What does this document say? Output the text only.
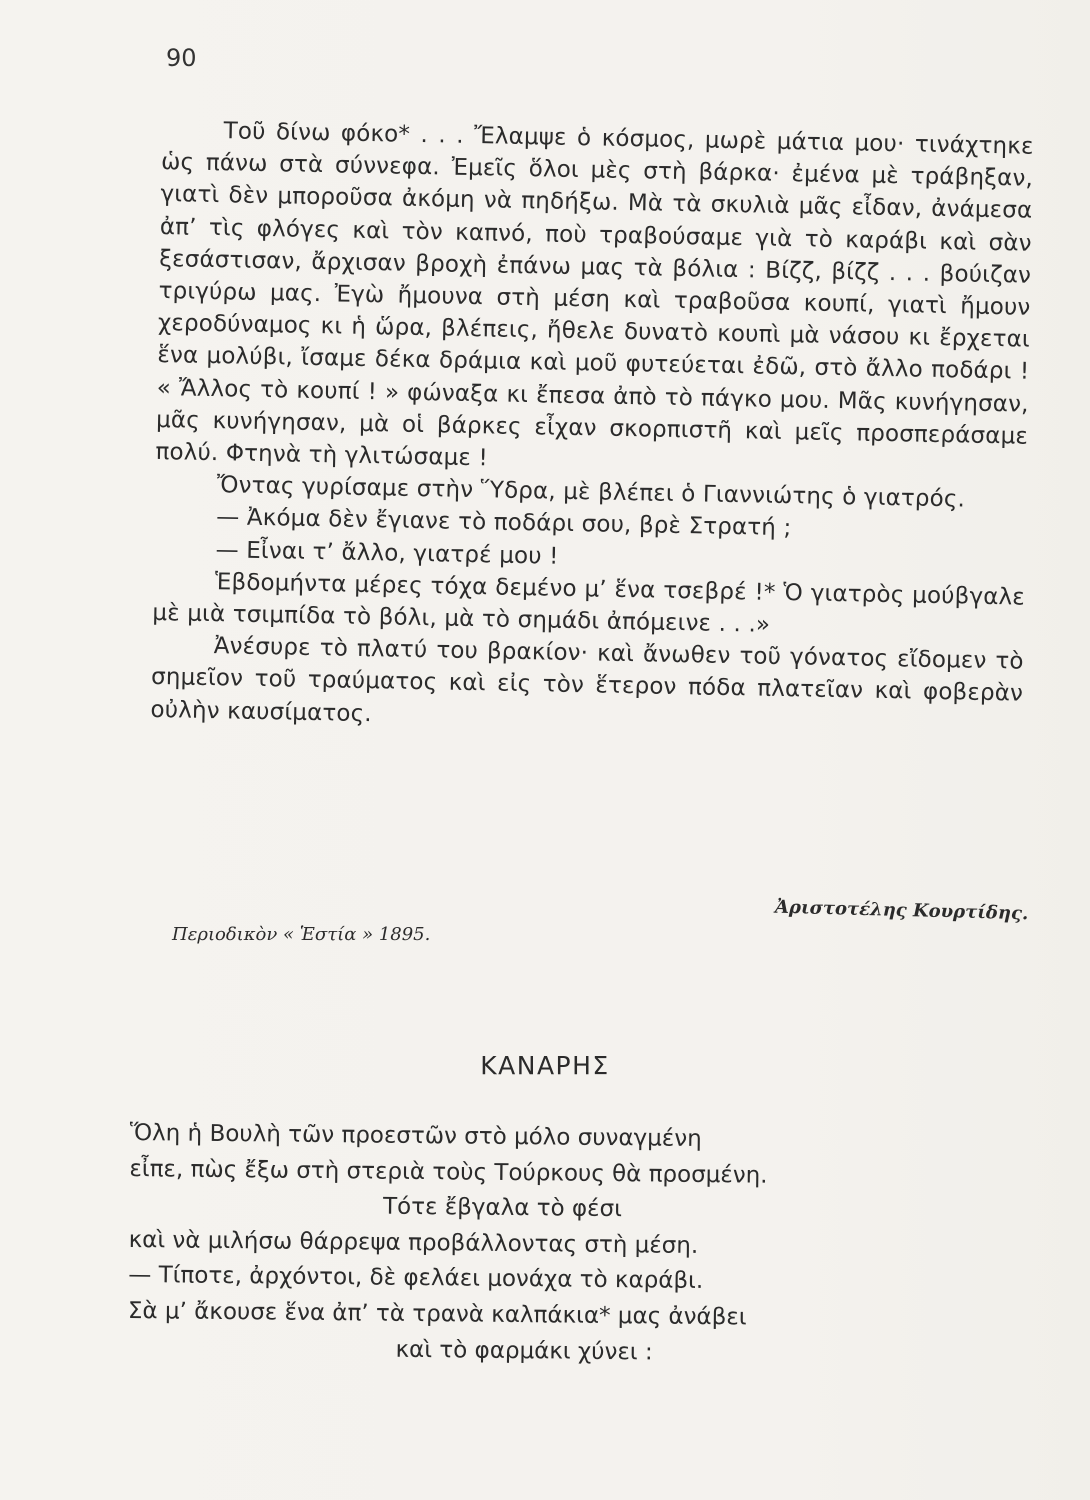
90

Τοῦ δίνω φόκο* . . . Ἔλαμψε ὁ κόσμος, μωρὲ μάτια μου· τινάχτηκε ὡς πάνω στὰ σύννεφα. Ἐμεῖς ὅλοι μὲς στὴ βάρκα· ἐμένα μὲ τράβηξαν, γιατὶ δὲν μποροῦσα ἀκόμη νὰ πηδήξω. Μὰ τὰ σκυλιὰ μᾶς εἶδαν, ἀνάμεσα ἀπ’ τὶς φλόγες καὶ τὸν καπνό, ποὺ τραβούσαμε γιὰ τὸ καράβι καὶ σὰν ξεσάστισαν, ἄρχισαν βροχὴ ἐπάνω μας τὰ βόλια : Βίζζ, βίζζ . . . βούιζαν τριγύρω μας. Ἐγὼ ἤμουνα στὴ μέση καὶ τραβοῦσα κουπί, γιατὶ ἤμουν χεροδύναμος κι ἡ ὥρα, βλέπεις, ἤθελε δυνατὸ κουπὶ μὰ νάσου κι ἔρχεται ἕνα μολύβι, ἴσαμε δέκα δράμια καὶ μοῦ φυτεύεται ἐδῶ, στὸ ἄλλο ποδάρι ! « Ἄλλος τὸ κουπί ! » φώναξα κι ἔπεσα ἀπὸ τὸ πάγκο μου. Μᾶς κυνήγησαν, μᾶς κυνήγησαν, μὰ οἱ βάρκες εἶχαν σκορπιστῆ καὶ μεῖς προσπεράσαμε πολύ. Φτηνὰ τὴ γλιτώσαμε !

Ὄντας γυρίσαμε στὴν Ὕδρα, μὲ βλέπει ὁ Γιαννιώτης ὁ γιατρός.

— Ἀκόμα δὲν ἔγιανε τὸ ποδάρι σου, βρὲ Στρατή ;

— Εἶναι τ’ ἄλλο, γιατρέ μου !

Ἑβδομήντα μέρες τόχα δεμένο μ’ ἕνα τσεβρέ !* Ὁ γιατρὸς μούβγαλε μὲ μιὰ τσιμπίδα τὸ βόλι, μὰ τὸ σημάδι ἀπόμεινε . . .»

Ἀνέσυρε τὸ πλατύ του βρακίον· καὶ ἄνωθεν τοῦ γόνατος εἴδομεν τὸ σημεῖον τοῦ τραύματος καὶ εἰς τὸν ἕτερον πόδα πλατεῖαν καὶ φοβερὰν οὐλὴν καυσίματος.

Περιοδικὸν « Ἑστία » 1895.
Ἀριστοτέλης Κουρτίδης.
ΚΑΝΑΡΗΣ
Ὅλη ἡ Βουλὴ τῶν προεστῶν στὸ μόλο συναγμένη
εἶπε, πὼς ἔξω στὴ στεριὰ τοὺς Τούρκους θὰ προσμένη.
Τότε ἔβγαλα τὸ φέσι
καὶ νὰ μιλήσω θάρρεψα προβάλλοντας στὴ μέση.
— Τίποτε, ἀρχόντοι, δὲ φελάει μονάχα τὸ καράβι.
Σὰ μ’ ἄκουσε ἕνα ἀπ’ τὰ τρανὰ καλπάκια* μας ἀνάβει
καὶ τὸ φαρμάκι χύνει :
